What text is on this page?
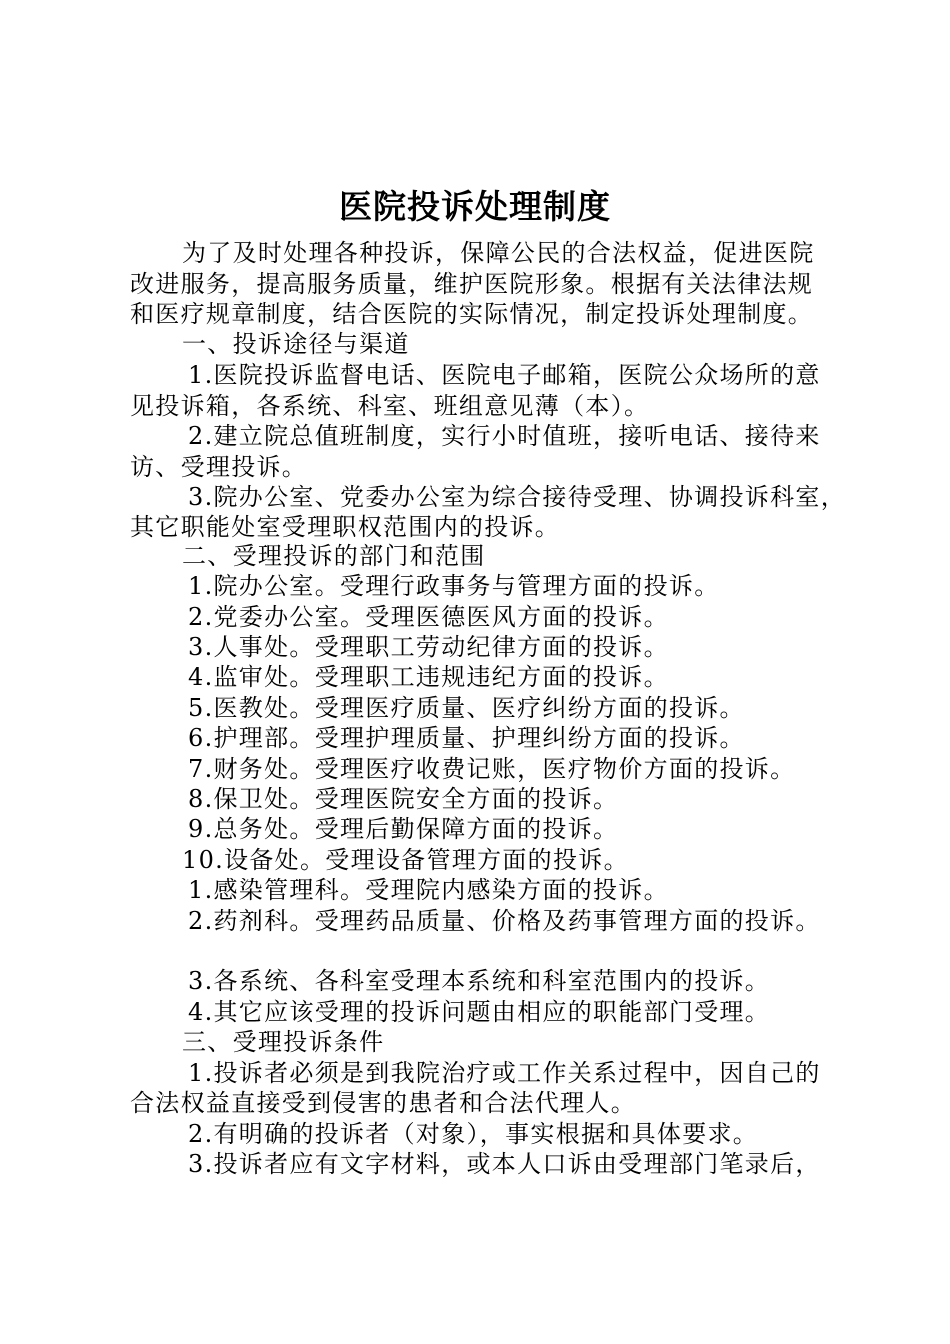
医院投诉处理制度
为了及时处理各种投诉，保障公民的合法权益，促进医院
改进服务，提高服务质量，维护医院形象。根据有关法律法规
和医疗规章制度，结合医院的实际情况，制定投诉处理制度。
一、投诉途径与渠道
1.医院投诉监督电话、医院电子邮箱，医院公众场所的意
见投诉箱，各系统、科室、班组意见薄（本）。
2.建立院总值班制度，实行小时值班，接听电话、接待来
访、受理投诉。
3.院办公室、党委办公室为综合接待受理、协调投诉科室，
其它职能处室受理职权范围内的投诉。
二、受理投诉的部门和范围
1.院办公室。受理行政事务与管理方面的投诉。
2.党委办公室。受理医德医风方面的投诉。
3.人事处。受理职工劳动纪律方面的投诉。
4.监审处。受理职工违规违纪方面的投诉。
5.医教处。受理医疗质量、医疗纠纷方面的投诉。
6.护理部。受理护理质量、护理纠纷方面的投诉。
7.财务处。受理医疗收费记账，医疗物价方面的投诉。
8.保卫处。受理医院安全方面的投诉。
9.总务处。受理后勤保障方面的投诉。
10.设备处。受理设备管理方面的投诉。
1.感染管理科。受理院内感染方面的投诉。
2.药剂科。受理药品质量、价格及药事管理方面的投诉。
3.各系统、各科室受理本系统和科室范围内的投诉。
4.其它应该受理的投诉问题由相应的职能部门受理。
三、受理投诉条件
1.投诉者必须是到我院治疗或工作关系过程中，因自己的
合法权益直接受到侵害的患者和合法代理人。
2.有明确的投诉者（对象），事实根据和具体要求。
3.投诉者应有文字材料，或本人口诉由受理部门笔录后，
